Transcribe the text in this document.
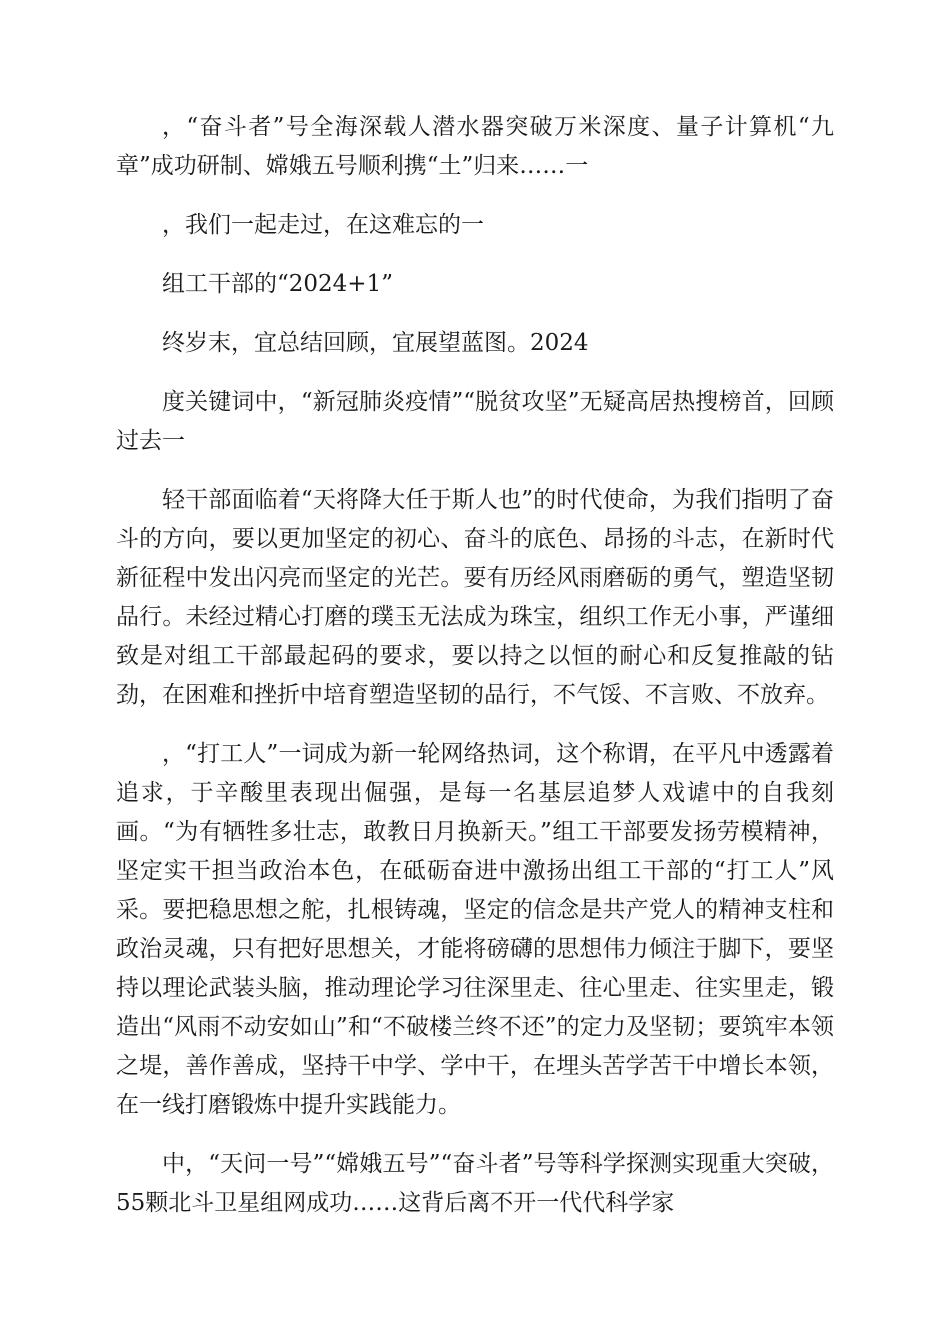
，“奋斗者”号全海深载人潜水器突破万米深度、量子计算机“九章”成功研制、嫦娥五号顺利携“土”归来……一

，我们一起走过，在这难忘的一

组工干部的“2024+1”

终岁末，宜总结回顾，宜展望蓝图。2024

度关键词中，“新冠肺炎疫情”“脱贫攻坚”无疑高居热搜榜首，回顾过去一

轻干部面临着“天将降大任于斯人也”的时代使命，为我们指明了奋斗的方向，要以更加坚定的初心、奋斗的底色、昂扬的斗志，在新时代新征程中发出闪亮而坚定的光芒。要有历经风雨磨砺的勇气，塑造坚韧品行。未经过精心打磨的璞玉无法成为珠宝，组织工作无小事，严谨细致是对组工干部最起码的要求，要以持之以恒的耐心和反复推敲的钻劲，在困难和挫折中培育塑造坚韧的品行，不气馁、不言败、不放弃。

，“打工人”一词成为新一轮网络热词，这个称谓，在平凡中透露着追求，于辛酸里表现出倔强，是每一名基层追梦人戏谑中的自我刻画。“为有牺牲多壮志，敢教日月换新天。”组工干部要发扬劳模精神，坚定实干担当政治本色，在砥砺奋进中激扬出组工干部的“打工人”风采。要把稳思想之舵，扎根铸魂，坚定的信念是共产党人的精神支柱和政治灵魂，只有把好思想关，才能将磅礴的思想伟力倾注于脚下，要坚持以理论武装头脑，推动理论学习往深里走、往心里走、往实里走，锻造出“风雨不动安如山”和“不破楼兰终不还”的定力及坚韧；要筑牢本领之堤，善作善成，坚持干中学、学中干，在埋头苦学苦干中增长本领，在一线打磨锻炼中提升实践能力。

中，“天问一号”“嫦娥五号”“奋斗者”号等科学探测实现重大突破，55颗北斗卫星组网成功……这背后离不开一代代科学家
